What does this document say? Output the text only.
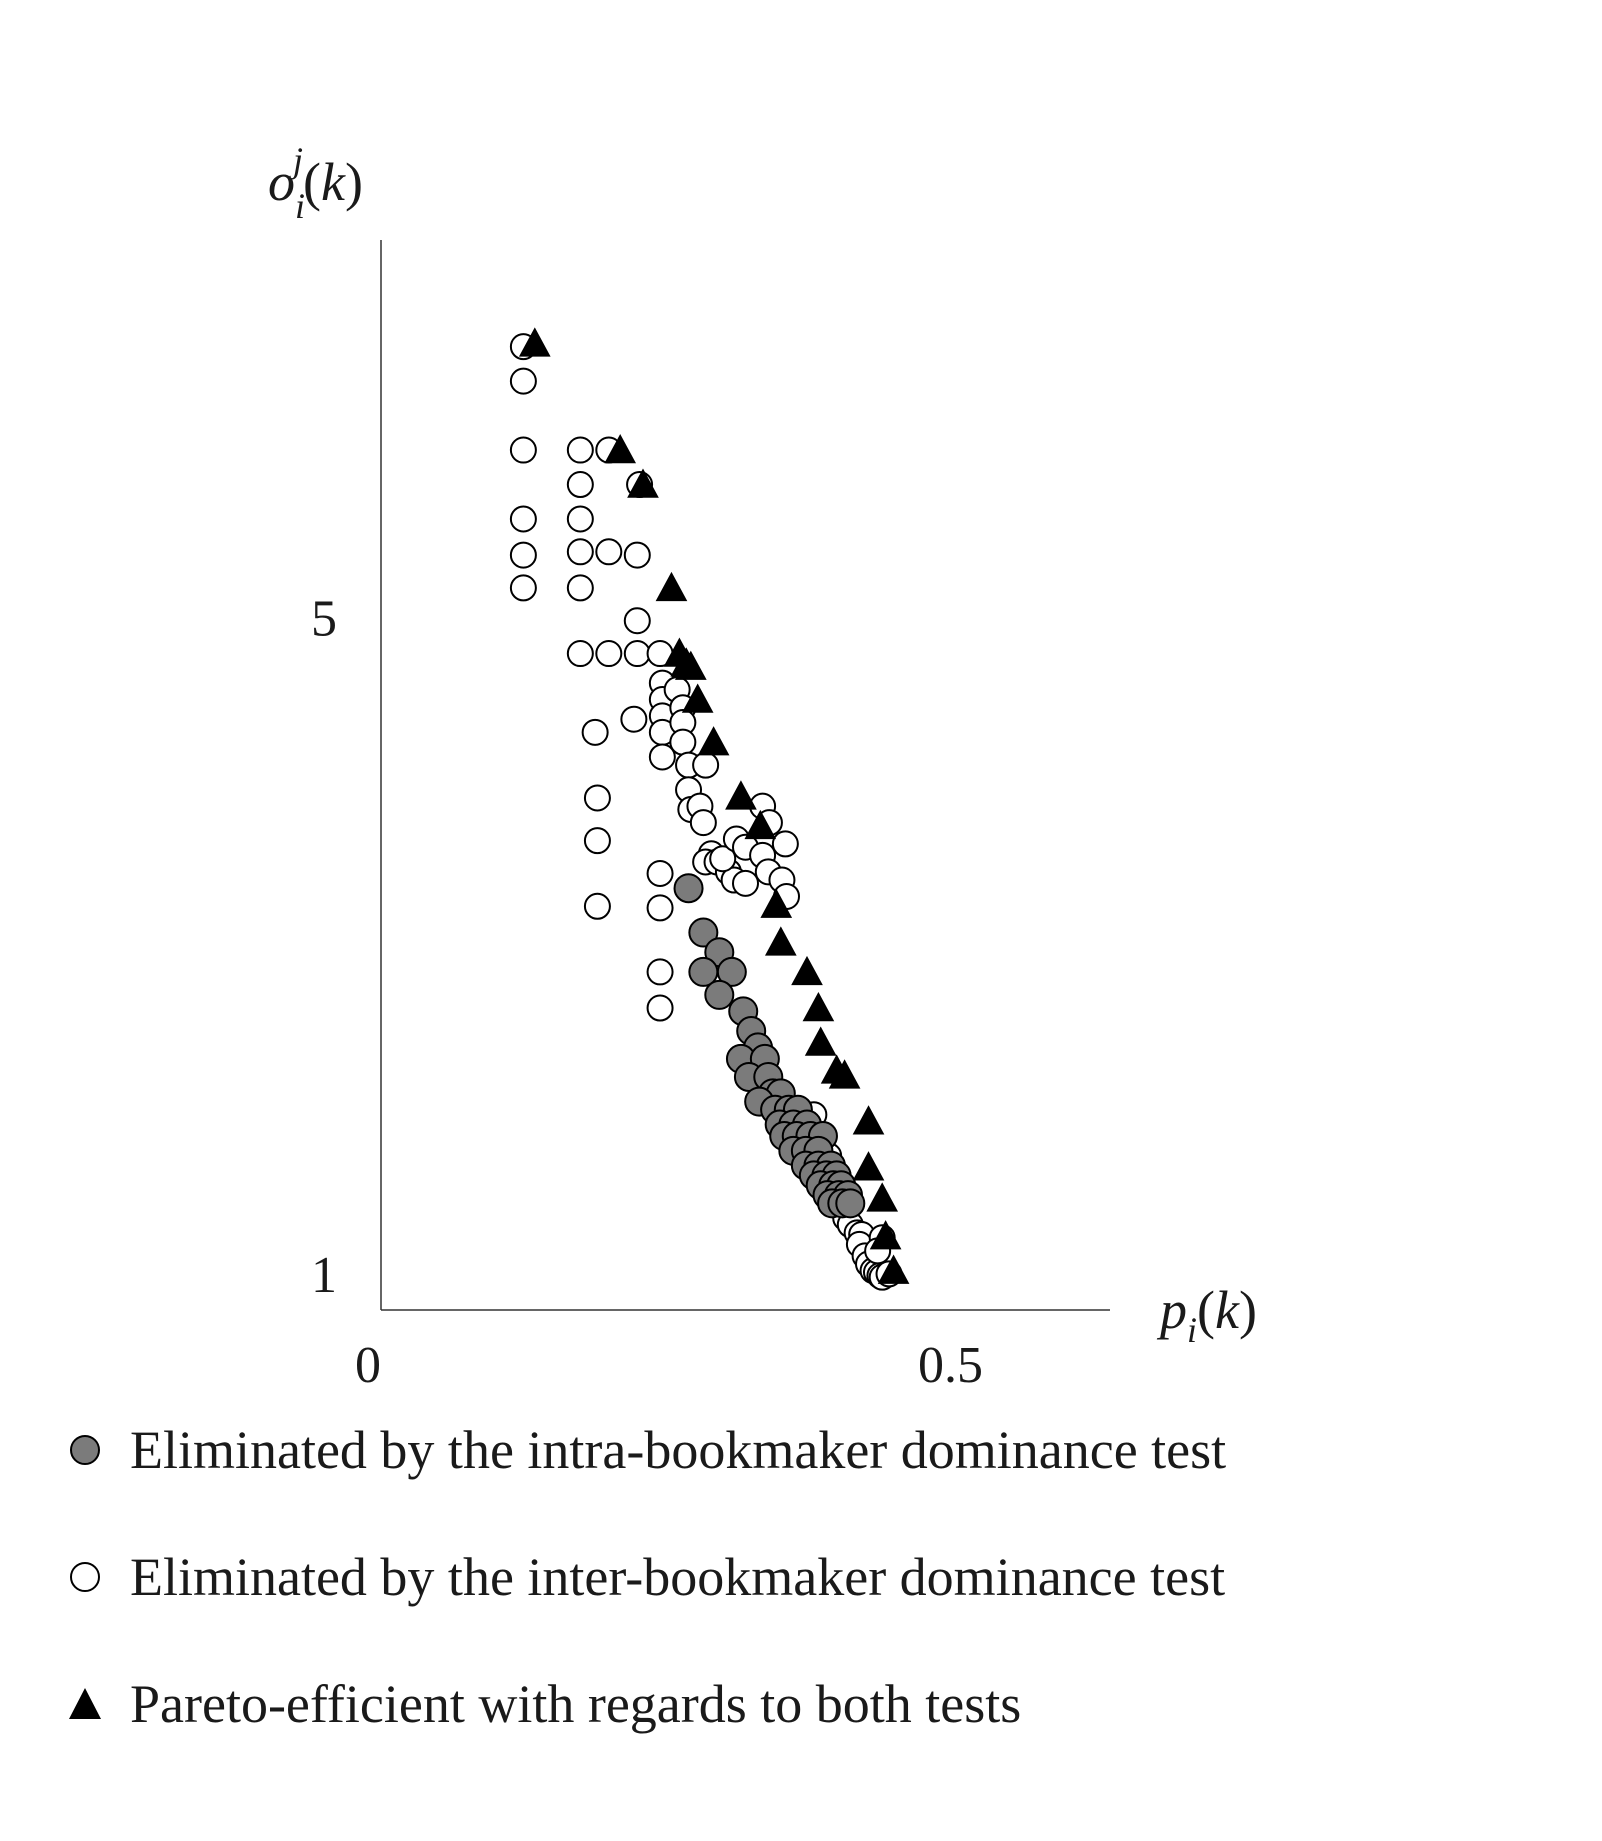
oij(k)
pi(k)
0	0.5
1
5
Eliminated by the intra-bookmaker dominance test
Eliminated by the inter-bookmaker dominance test
Pareto-efficient with regards to both tests
